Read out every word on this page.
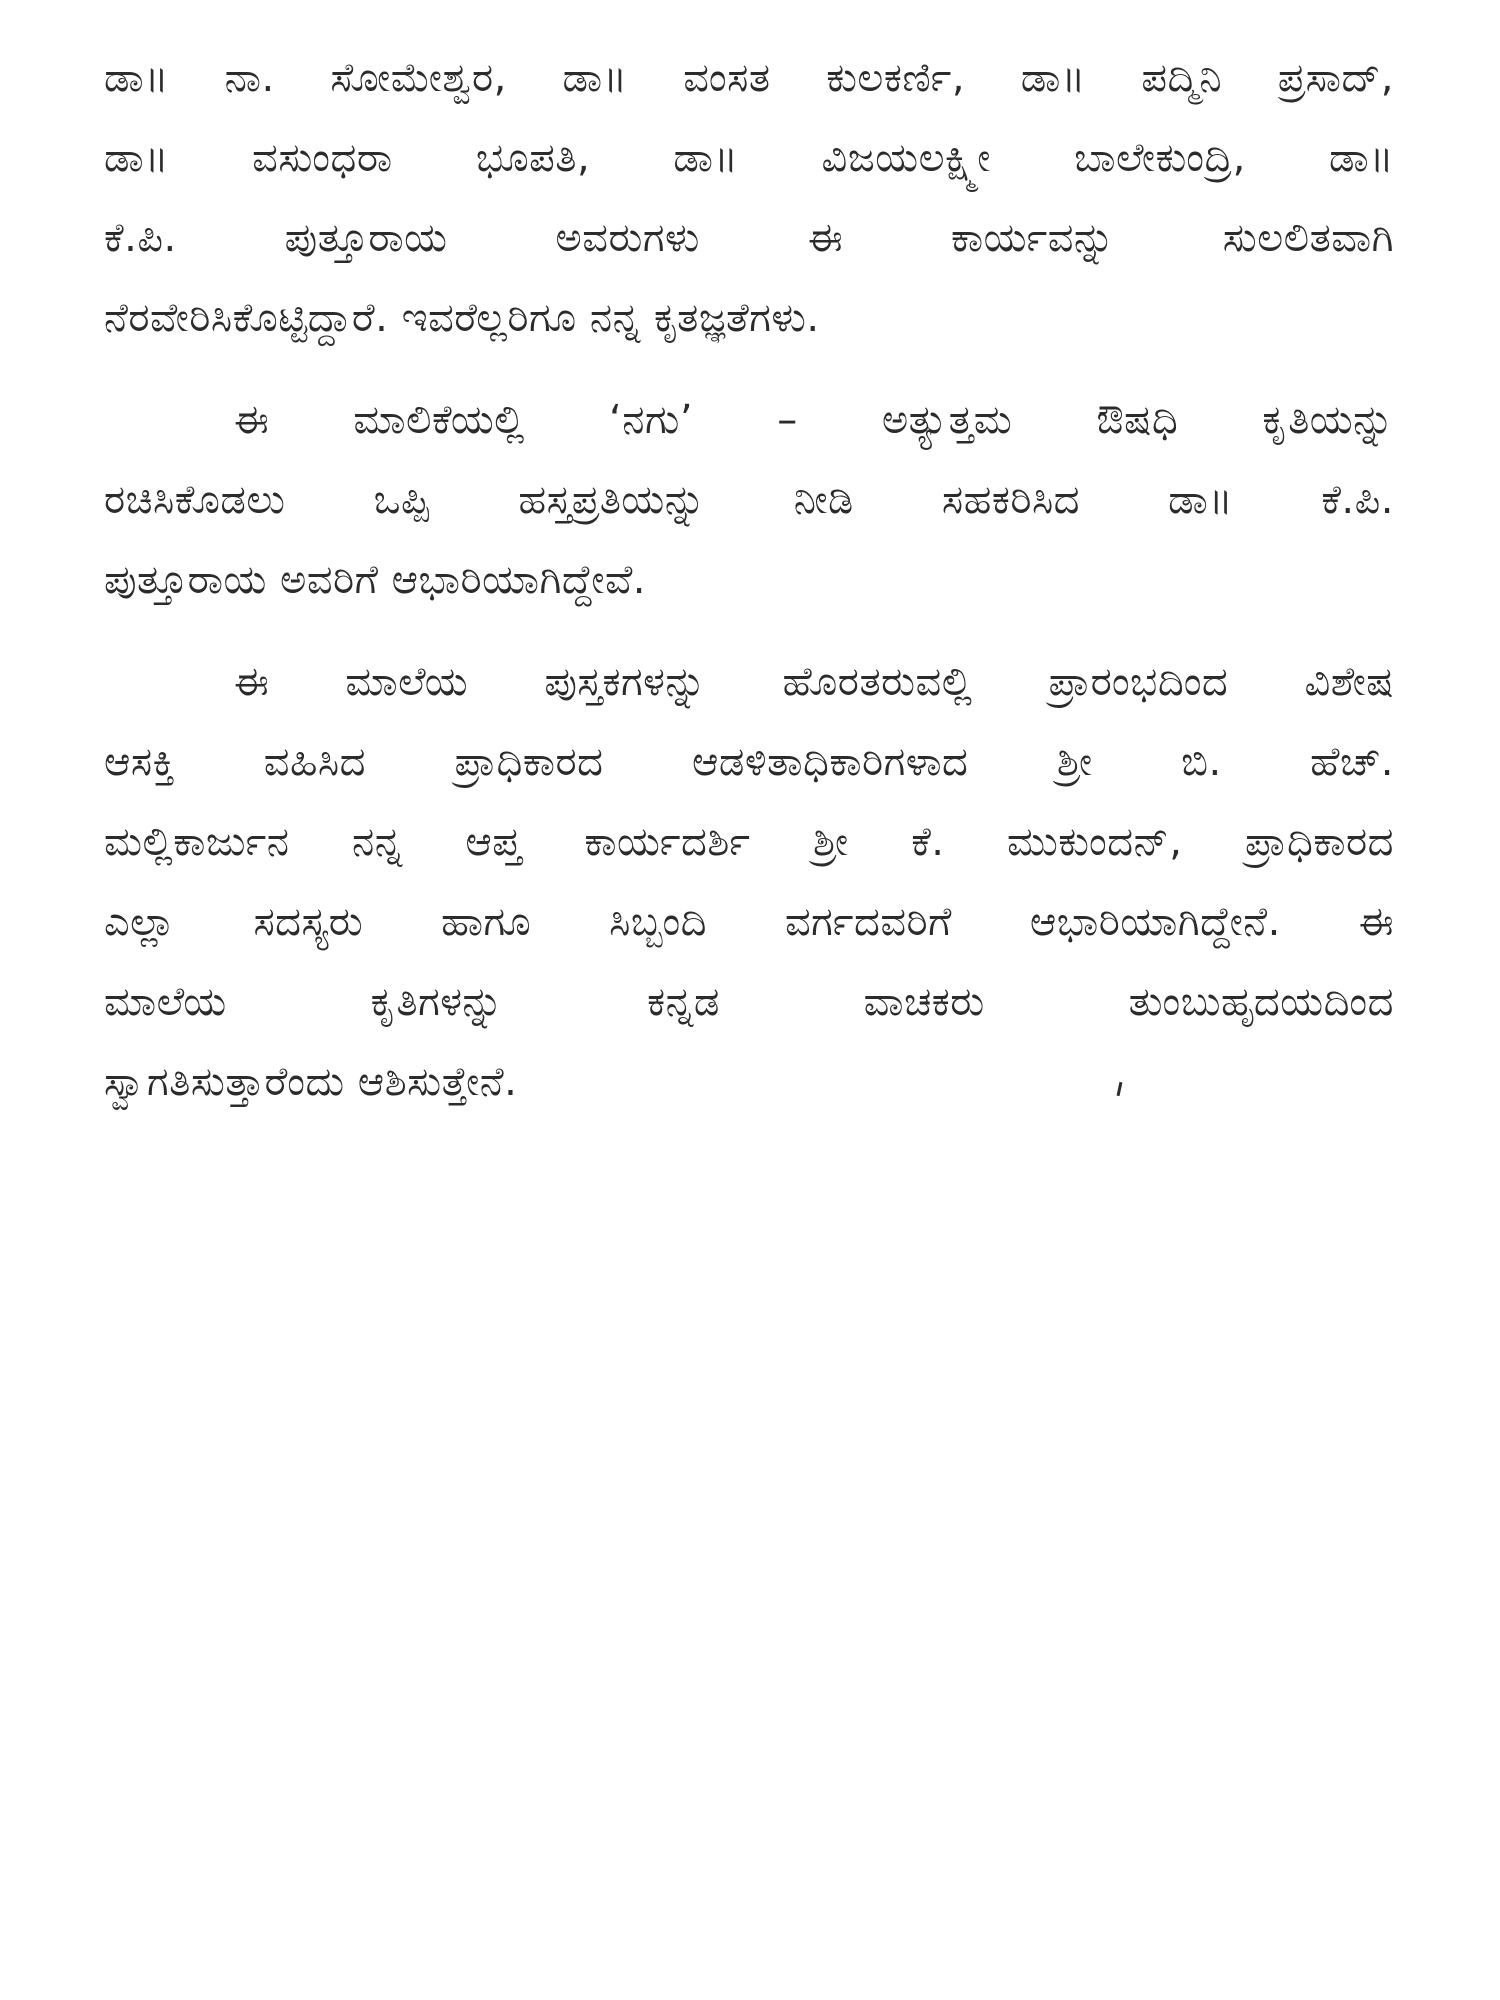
ಡಾ॥ ನಾ. ಸೋಮೇಶ್ವರ, ಡಾ॥ ವಂಸತ ಕುಲಕರ್ಣಿ, ಡಾ॥ ಪದ್ಮಿನಿ ಪ್ರಸಾದ್,
ಡಾ॥ ವಸುಂಧರಾ ಭೂಪತಿ, ಡಾ॥ ವಿಜಯಲಕ್ಷ್ಮೀ ಬಾಲೇಕುಂದ್ರಿ, ಡಾ॥
ಕೆ.ಪಿ. ಪುತ್ತೂರಾಯ ಅವರುಗಳು ಈ ಕಾರ್ಯವನ್ನು ಸುಲಲಿತವಾಗಿ
ನೆರವೇರಿಸಿಕೊಟ್ಟಿದ್ದಾರೆ. ಇವರೆಲ್ಲರಿಗೂ ನನ್ನ ಕೃತಜ್ಞತೆಗಳು.

ಈ ಮಾಲಿಕೆಯಲ್ಲಿ ‘ನಗು’ – ಅತ್ಯುತ್ತಮ ಔಷಧಿ ಕೃತಿಯನ್ನು
ರಚಿಸಿಕೊಡಲು ಒಪ್ಪಿ ಹಸ್ತಪ್ರತಿಯನ್ನು ನೀಡಿ ಸಹಕರಿಸಿದ ಡಾ॥ ಕೆ.ಪಿ.
ಪುತ್ತೂರಾಯ ಅವರಿಗೆ ಆಭಾರಿಯಾಗಿದ್ದೇವೆ.

ಈ ಮಾಲೆಯ ಪುಸ್ತಕಗಳನ್ನು ಹೊರತರುವಲ್ಲಿ ಪ್ರಾರಂಭದಿಂದ ವಿಶೇಷ
ಆಸಕ್ತಿ ವಹಿಸಿದ ಪ್ರಾಧಿಕಾರದ ಆಡಳಿತಾಧಿಕಾರಿಗಳಾದ ಶ್ರೀ ಬಿ. ಹೆಚ್.
ಮಲ್ಲಿಕಾರ್ಜುನ ನನ್ನ ಆಪ್ತ ಕಾರ್ಯದರ್ಶಿ ಶ್ರೀ ಕೆ. ಮುಕುಂದನ್, ಪ್ರಾಧಿಕಾರದ
ಎಲ್ಲಾ ಸದಸ್ಯರು ಹಾಗೂ ಸಿಬ್ಬಂದಿ ವರ್ಗದವರಿಗೆ ಆಭಾರಿಯಾಗಿದ್ದೇನೆ. ಈ
ಮಾಲೆಯ ಕೃತಿಗಳನ್ನು ಕನ್ನಡ ವಾಚಕರು ತುಂಬುಹೃದಯದಿಂದ
ಸ್ವಾಗತಿಸುತ್ತಾರೆಂದು ಆಶಿಸುತ್ತೇನೆ.
